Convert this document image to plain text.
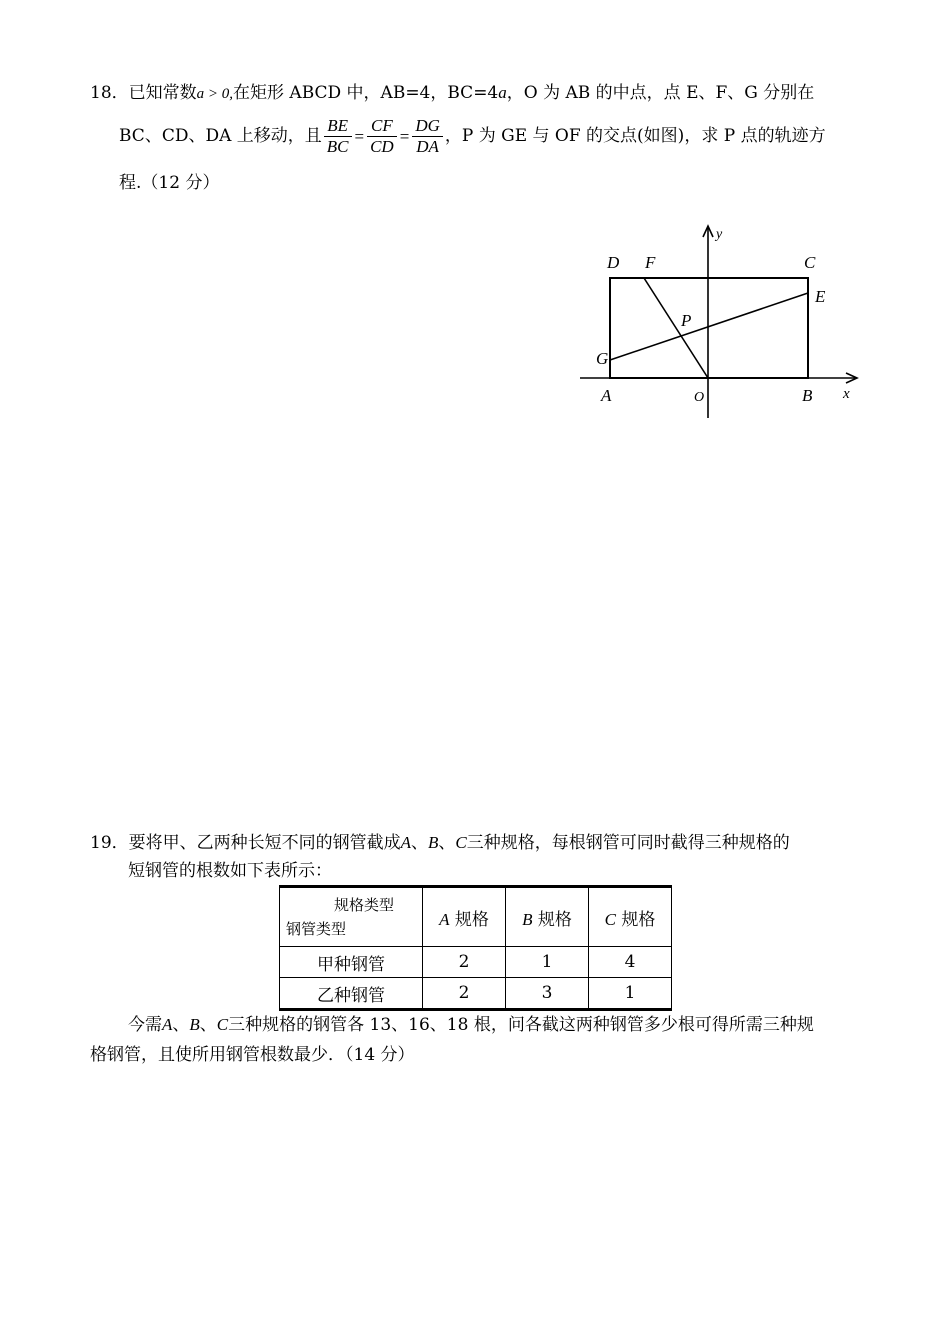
18．已知常数a > 0,在矩形 ABCD 中，AB=4，BC=4a，O 为 AB 的中点，点 E、F、G 分别在
BC、CD、DA 上移动，且 $\frac{BE}{BC} = \frac{CF}{CD} = \frac{DG}{DA}$ ，P 为 GE 与 OF 的交点(如图)，求 P 点的轨迹方
程.（12 分）
D F	C
y
E
P
G
A	O	B x
19．要将甲、乙两种长短不同的钢管截成A、B、C三种规格，每根钢管可同时截得三种规格的
短钢管的根数如下表所示：
规格类型
钢管类型	A 规格	B 规格	C 规格
甲种钢管	2	1	4
乙种钢管	2	3	1
今需A、B、C三种规格的钢管各 13、16、18 根，问各截这两种钢管多少根可得所需三种规
格钢管，且使所用钢管根数最少．（14 分）
